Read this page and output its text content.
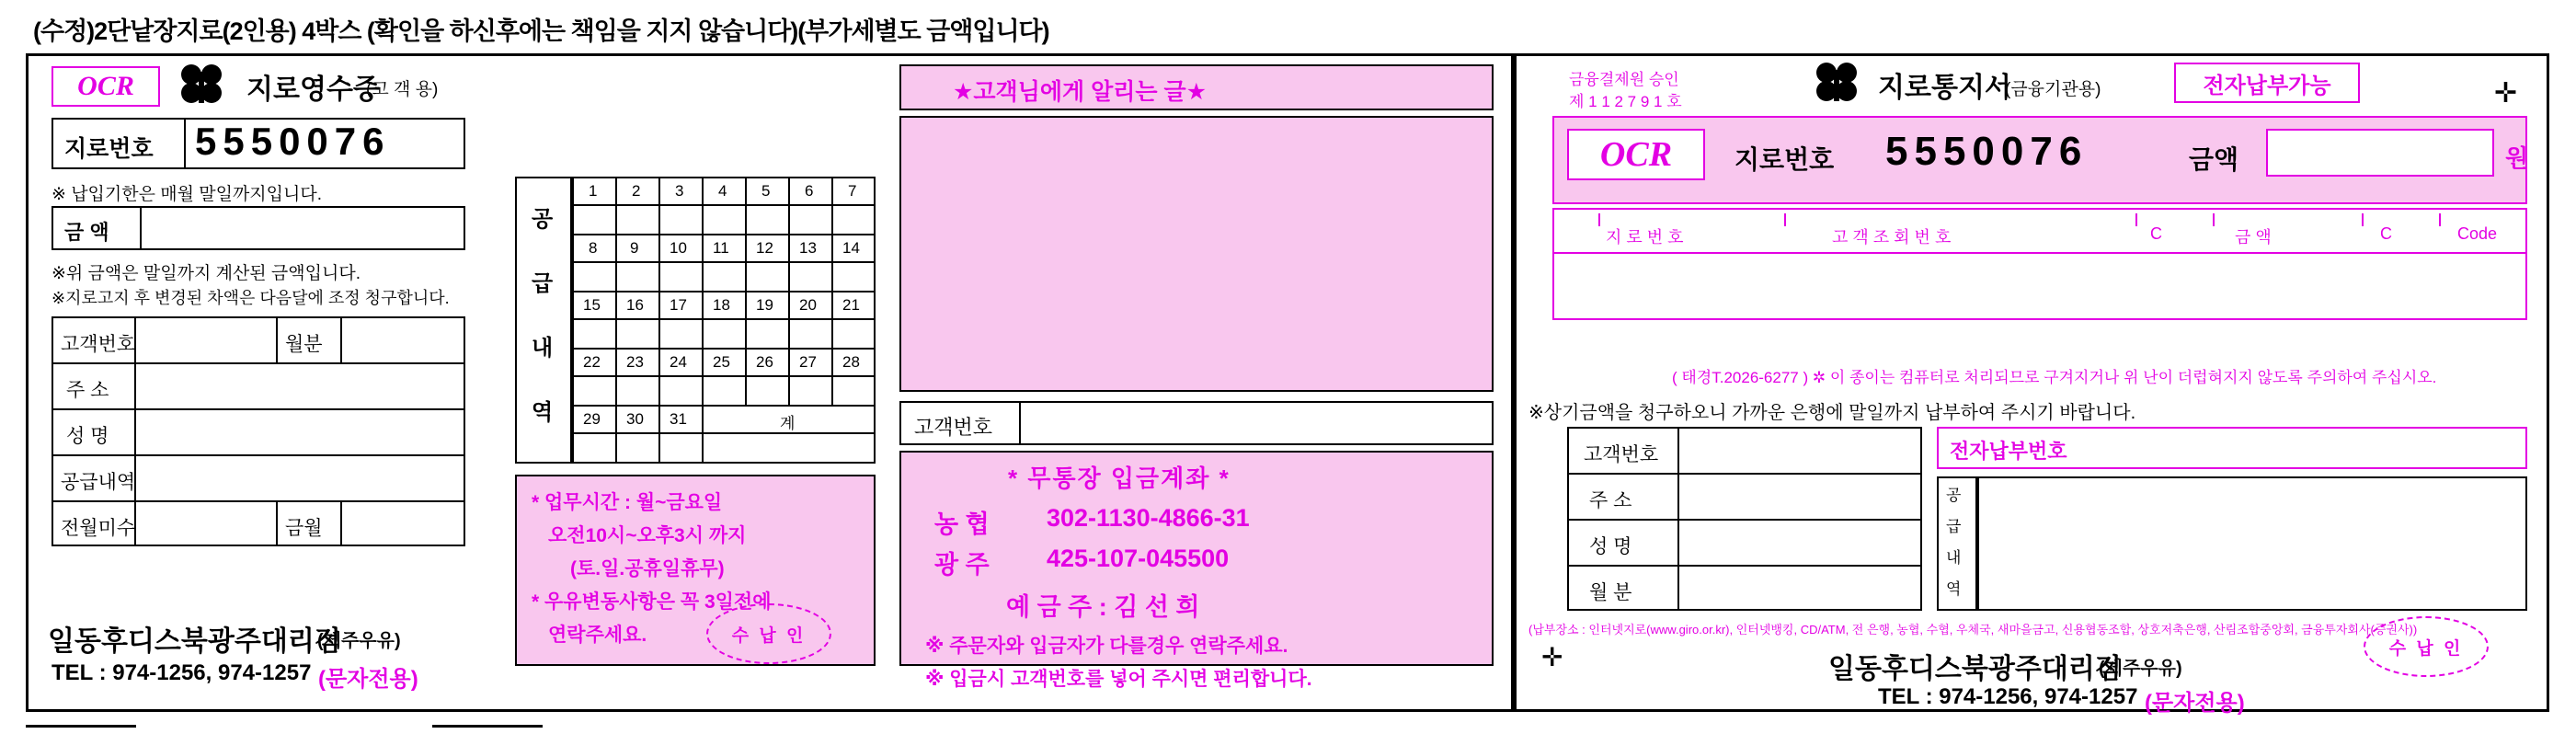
(수정)2단낱장지로(2인용) 4박스 (확인을 하신후에는 책임을 지지 않습니다)(부가세별도 금액입니다)
OCR	지로영수증
(고 객 용)
지로번호 5550076
※ 납입기한은 매월 말일까지입니다.
금 액
※위 금액은 말일까지 계산된 금액입니다.
※지로고지 후 변경된 차액은 다음달에 조정 청구합니다.
고객번호	월분
주 소
성 명
공급내역
전월미수	금월
일동후디스북광주대리점
(제주우유)
TEL : 974-1256, 974-1257 (문자전용)
공
급
내
역
1 2 3 4 5 6 7
8 9 10 11 12 13 14
15 16 17 18 19 20 21
22 23 24 25 26 27 28
29 30 31	계
* 업무시간 : 월~금요일
오전10시~오후3시 까지
(토.일.공휴일휴무)
* 우유변동사항은 꼭 3일전에
연락주세요.	수 납 인
★고객님에게 알리는 글★
고객번호
* 무통장 입금계좌 *
농 협 302-1130-4866-31
광 주 425-107-045500
예 금 주 : 김 선 희
※ 주문자와 입금자가 다를경우 연락주세요.
※ 입금시 고객번호를 넣어 주시면 편리합니다.
금융결제원 승인
제 1 1 2 7 9 1 호	지로통지서
(금융기관용)	전자납부가능	✛
OCR 지로번호 5550076	금액	원
지 로 번 호	고 객 조 회 번 호	C	금 액	C	Code
( 태경T.2026-6277 ) ✲ 이 종이는 컴퓨터로 처리되므로 구겨지거나 위 난이 더럽혀지지 않도록 주의하여 주십시오.
※상기금액을 청구하오니 가까운 은행에 말일까지 납부하여 주시기 바랍니다.
고객번호
주 소
성 명
월 분
전자납부번호
공
급
내
역
(납부장소 : 인터넷지로(www.giro.or.kr), 인터넷뱅킹, CD/ATM, 전 은행, 농협, 수협, 우체국, 새마을금고, 신용협동조합, 상호저축은행, 산림조합중앙회, 금융투자회사(증권사))
✛	일동후디스북광주대리점
(제주우유)
TEL : 974-1256, 974-1257 (문자전용)
수 납 인
